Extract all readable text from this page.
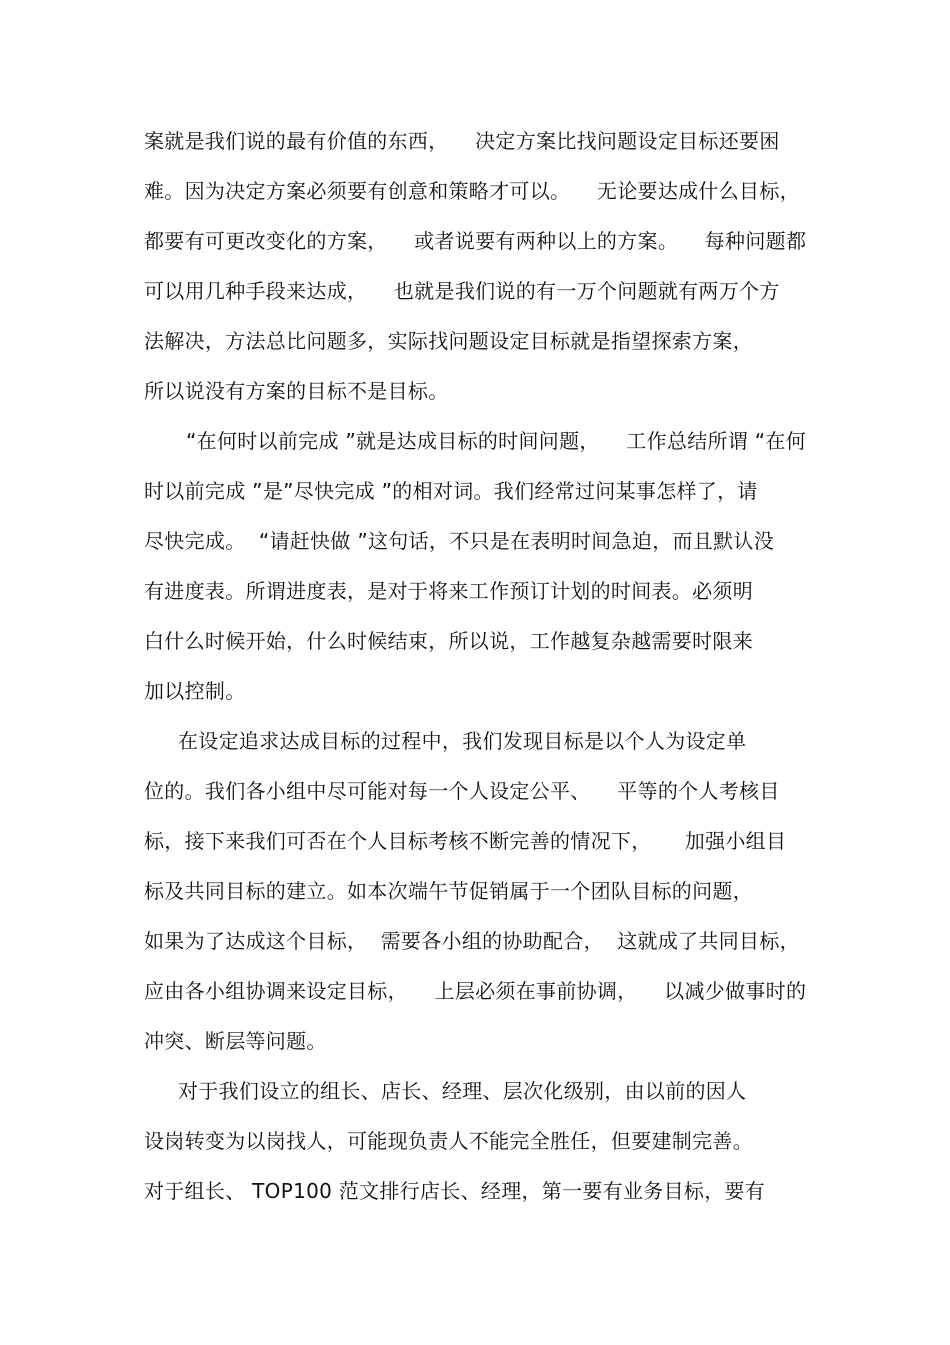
案就是我们说的最有价值的东西，    决定方案比找问题设定目标还要困
难。因为决定方案必须要有创意和策略才可以。    无论要达成什么目标，
都要有可更改变化的方案，    或者说要有两种以上的方案。    每种问题都
可以用几种手段来达成，    也就是我们说的有一万个问题就有两万个方
法解决，方法总比问题多，实际找问题设定目标就是指望探索方案，
所以说没有方案的目标不是目标。
“在何时以前完成 ”就是达成目标的时间问题，    工作总结所谓 “在何
时以前完成 ”是”尽快完成 ”的相对词。我们经常过问某事怎样了，请
尽快完成。  “请赶快做 ”这句话，不只是在表明时间急迫，而且默认没
有进度表。所谓进度表，是对于将来工作预订计划的时间表。必须明
白什么时候开始，什么时候结束，所以说，工作越复杂越需要时限来
加以控制。
在设定追求达成目标的过程中，我们发现目标是以个人为设定单
位的。我们各小组中尽可能对每一个人设定公平、    平等的个人考核目
标，接下来我们可否在个人目标考核不断完善的情况下，     加强小组目
标及共同目标的建立。如本次端午节促销属于一个团队目标的问题，
如果为了达成这个目标，  需要各小组的协助配合，  这就成了共同目标，
应由各小组协调来设定目标，    上层必须在事前协调，    以减少做事时的
冲突、断层等问题。
对于我们设立的组长、店长、经理、层次化级别，由以前的因人
设岗转变为以岗找人，可能现负责人不能完全胜任，但要建制完善。
对于组长、 TOP100 范文排行店长、经理，第一要有业务目标，要有
